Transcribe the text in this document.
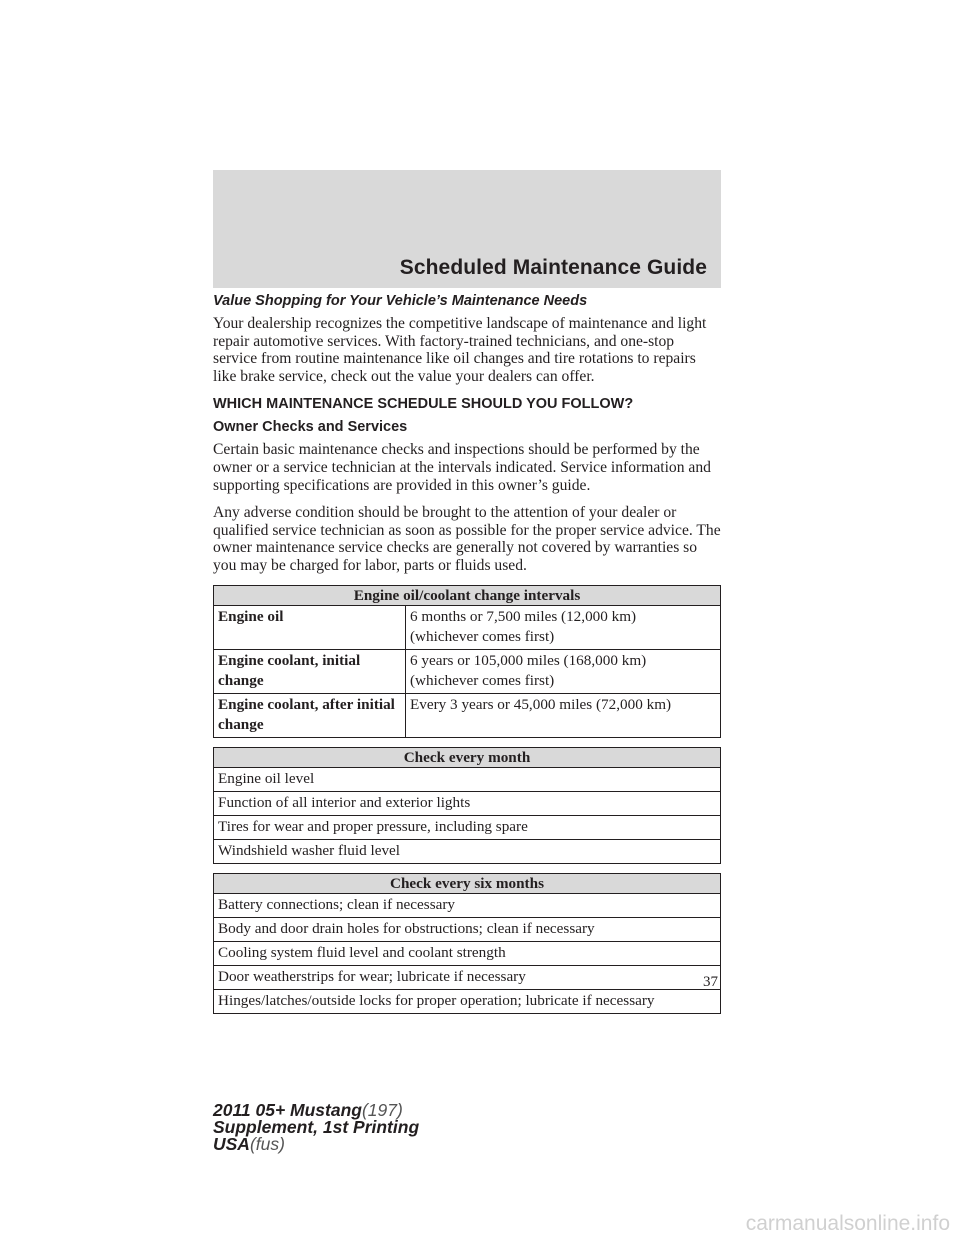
Scheduled Maintenance Guide
Value Shopping for Your Vehicle’s Maintenance Needs

Your dealership recognizes the competitive landscape of maintenance and light repair automotive services. With factory-trained technicians, and one-stop service from routine maintenance like oil changes and tire rotations to repairs like brake service, check out the value your dealers can offer.

WHICH MAINTENANCE SCHEDULE SHOULD YOU FOLLOW?
Owner Checks and Services

Certain basic maintenance checks and inspections should be performed by the owner or a service technician at the intervals indicated. Service information and supporting specifications are provided in this owner’s guide.

Any adverse condition should be brought to the attention of your dealer or qualified service technician as soon as possible for the proper service advice. The owner maintenance service checks are generally not covered by warranties so you may be charged for labor, parts or fluids used.

Engine oil/coolant change intervals	
Engine oil	6 months or 7,500 miles (12,000 km)
(whichever comes first)

Engine coolant, initial change	6 years or 105,000 miles (168,000 km)
(whichever comes first)

Engine coolant, after initial change	Every 3 years or 45,000 miles (72,000 km)
Check every month
Engine oil level
Function of all interior and exterior lights
Tires for wear and proper pressure, including spare
Windshield washer fluid level
Check every six months
Battery connections; clean if necessary
Body and door drain holes for obstructions; clean if necessary
Cooling system fluid level and coolant strength
Door weatherstrips for wear; lubricate if necessary
Hinges/latches/outside locks for proper operation; lubricate if necessary
37
2011 05+ Mustang(197)
Supplement, 1st Printing
USA(fus)
carmanualsonline.info
